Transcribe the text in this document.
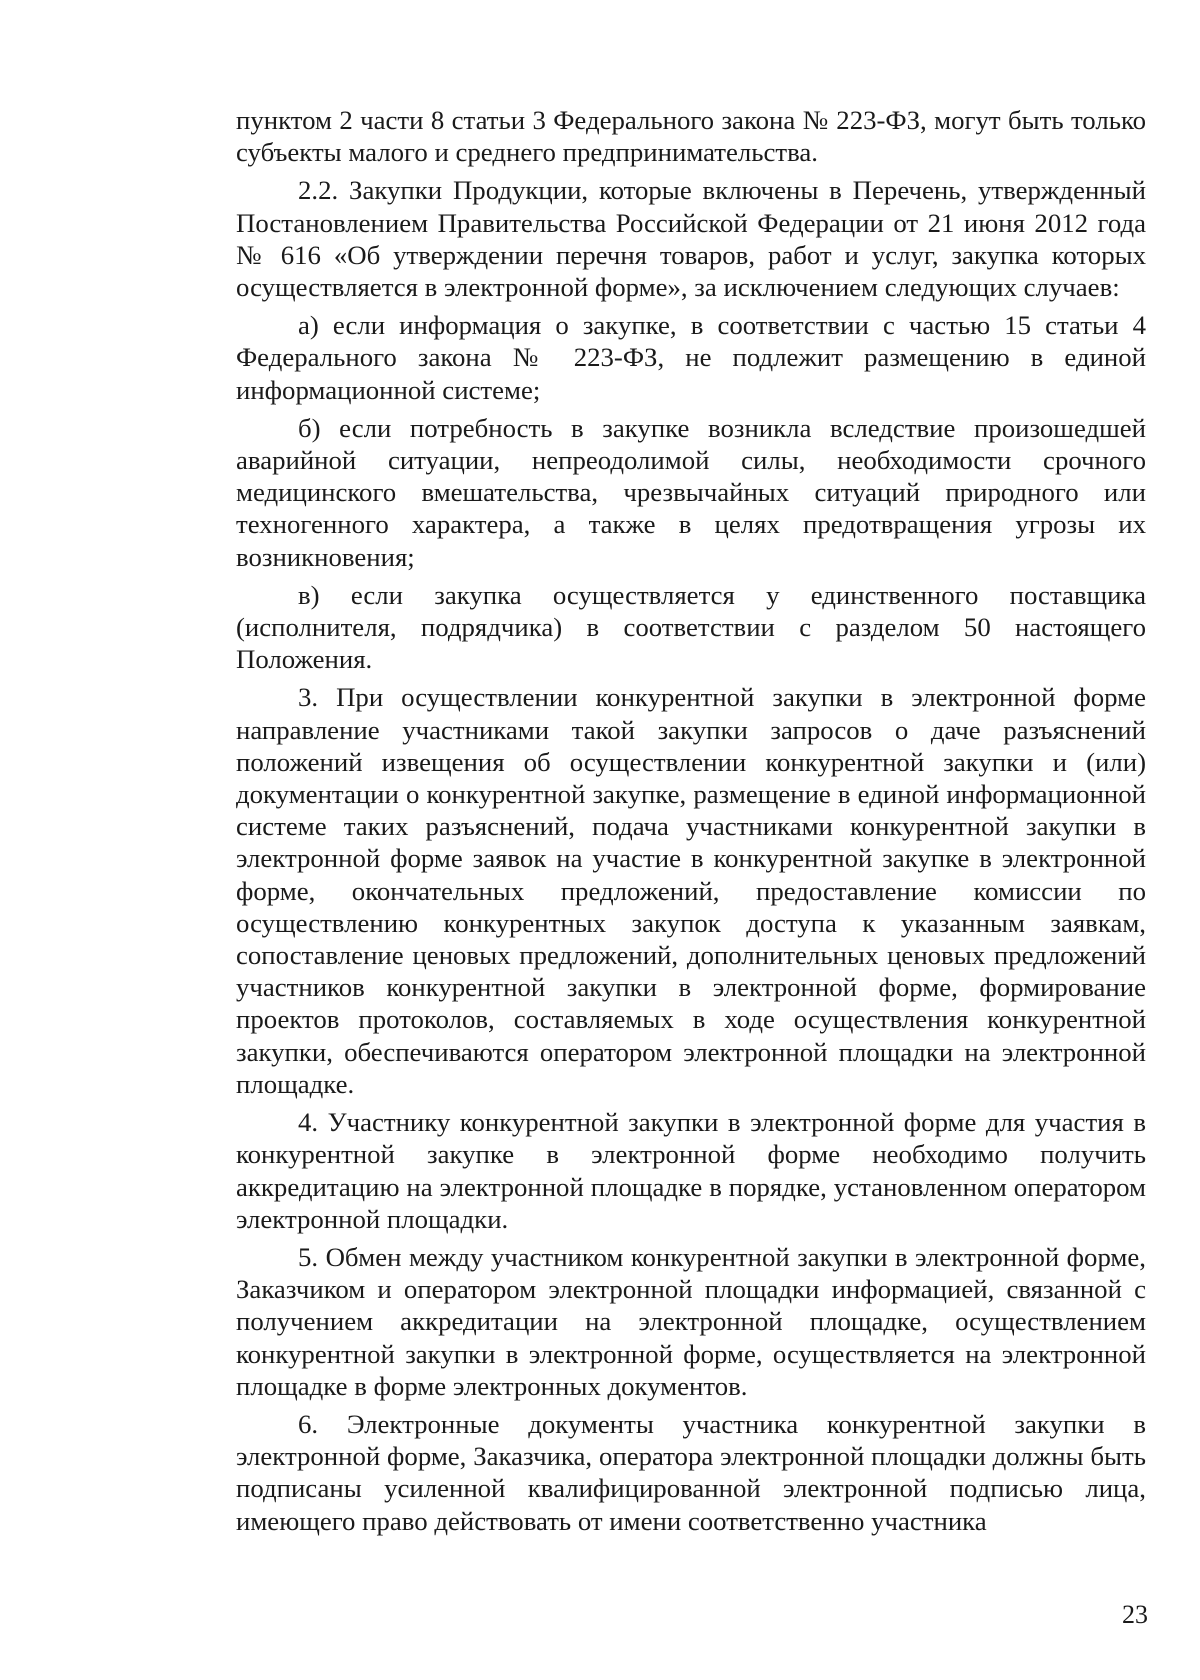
пунктом 2 части 8 статьи 3 Федерального закона № 223-ФЗ, могут быть только субъекты малого и среднего предпринимательства.

2.2. Закупки Продукции, которые включены в Перечень, утвержденный Постановлением Правительства Российской Федерации от 21 июня 2012 года № 616 «Об утверждении перечня товаров, работ и услуг, закупка которых осуществляется в электронной форме», за исключением следующих случаев:

а) если информация о закупке, в соответствии с частью 15 статьи 4 Федерального закона № 223-ФЗ, не подлежит размещению в единой информационной системе;

б) если потребность в закупке возникла вследствие произошедшей аварийной ситуации, непреодолимой силы, необходимости срочного медицинского вмешательства, чрезвычайных ситуаций природного или техногенного характера, а также в целях предотвращения угрозы их возникновения;

в) если закупка осуществляется у единственного поставщика (исполнителя, подрядчика) в соответствии с разделом 50 настоящего Положения.

3. При осуществлении конкурентной закупки в электронной форме направление участниками такой закупки запросов о даче разъяснений положений извещения об осуществлении конкурентной закупки и (или) документации о конкурентной закупке, размещение в единой информационной системе таких разъяснений, подача участниками конкурентной закупки в электронной форме заявок на участие в конкурентной закупке в электронной форме, окончательных предложений, предоставление комиссии по осуществлению конкурентных закупок доступа к указанным заявкам, сопоставление ценовых предложений, дополнительных ценовых предложений участников конкурентной закупки в электронной форме, формирование проектов протоколов, составляемых в ходе осуществления конкурентной закупки, обеспечиваются оператором электронной площадки на электронной площадке.

4. Участнику конкурентной закупки в электронной форме для участия в конкурентной закупке в электронной форме необходимо получить аккредитацию на электронной площадке в порядке, установленном оператором электронной площадки.

5. Обмен между участником конкурентной закупки в электронной форме, Заказчиком и оператором электронной площадки информацией, связанной с получением аккредитации на электронной площадке, осуществлением конкурентной закупки в электронной форме, осуществляется на электронной площадке в форме электронных документов.

6. Электронные документы участника конкурентной закупки в электронной форме, Заказчика, оператора электронной площадки должны быть подписаны усиленной квалифицированной электронной подписью лица, имеющего право действовать от имени соответственно участника

23
